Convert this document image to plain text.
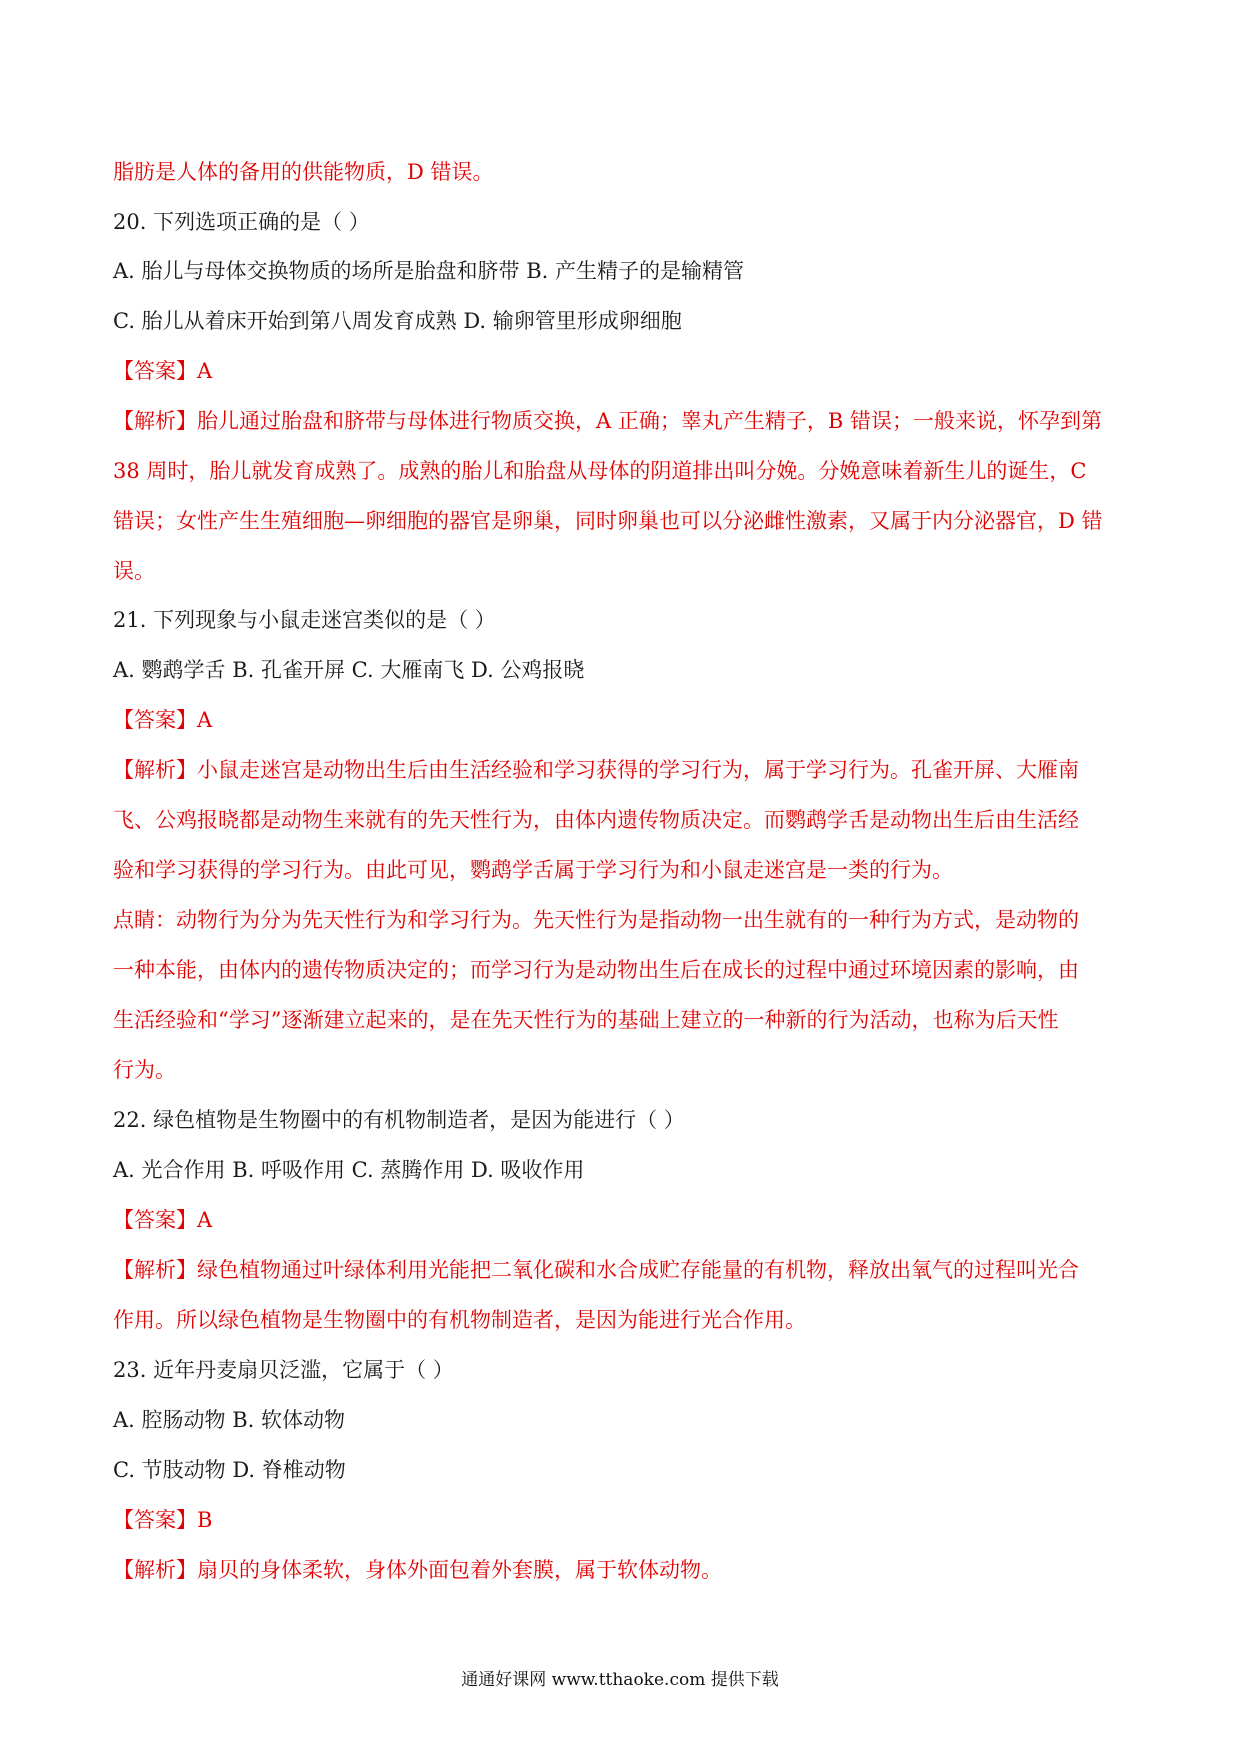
脂肪是人体的备用的供能物质，D 错误。
20. 下列选项正确的是（ ）
A. 胎儿与母体交换物质的场所是胎盘和脐带 B. 产生精子的是输精管
C. 胎儿从着床开始到第八周发育成熟 D. 输卵管里形成卵细胞
【答案】A
【解析】胎儿通过胎盘和脐带与母体进行物质交换，A 正确；睾丸产生精子，B 错误；一般来说，怀孕到第
38 周时，胎儿就发育成熟了。成熟的胎儿和胎盘从母体的阴道排出叫分娩。分娩意味着新生儿的诞生，C
错误；女性产生生殖细胞—卵细胞的器官是卵巢，同时卵巢也可以分泌雌性激素，又属于内分泌器官，D 错
误。
21. 下列现象与小鼠走迷宫类似的是（ ）
A. 鹦鹉学舌 B. 孔雀开屏 C. 大雁南飞 D. 公鸡报晓
【答案】A
【解析】小鼠走迷宫是动物出生后由生活经验和学习获得的学习行为，属于学习行为。孔雀开屏、大雁南
飞、公鸡报晓都是动物生来就有的先天性行为，由体内遗传物质决定。而鹦鹉学舌是动物出生后由生活经
验和学习获得的学习行为。由此可见，鹦鹉学舌属于学习行为和小鼠走迷宫是一类的行为。
点睛：动物行为分为先天性行为和学习行为。先天性行为是指动物一出生就有的一种行为方式，是动物的
一种本能，由体内的遗传物质决定的；而学习行为是动物出生后在成长的过程中通过环境因素的影响，由
生活经验和“学习”逐渐建立起来的，是在先天性行为的基础上建立的一种新的行为活动，也称为后天性
行为。
22. 绿色植物是生物圈中的有机物制造者，是因为能进行（ ）
A. 光合作用 B. 呼吸作用 C. 蒸腾作用 D. 吸收作用
【答案】A
【解析】绿色植物通过叶绿体利用光能把二氧化碳和水合成贮存能量的有机物，释放出氧气的过程叫光合
作用。所以绿色植物是生物圈中的有机物制造者，是因为能进行光合作用。
23. 近年丹麦扇贝泛滥，它属于（ ）
A. 腔肠动物 B. 软体动物
C. 节肢动物 D. 脊椎动物
【答案】B
【解析】扇贝的身体柔软，身体外面包着外套膜，属于软体动物。
通通好课网 www.tthaoke.com 提供下载
